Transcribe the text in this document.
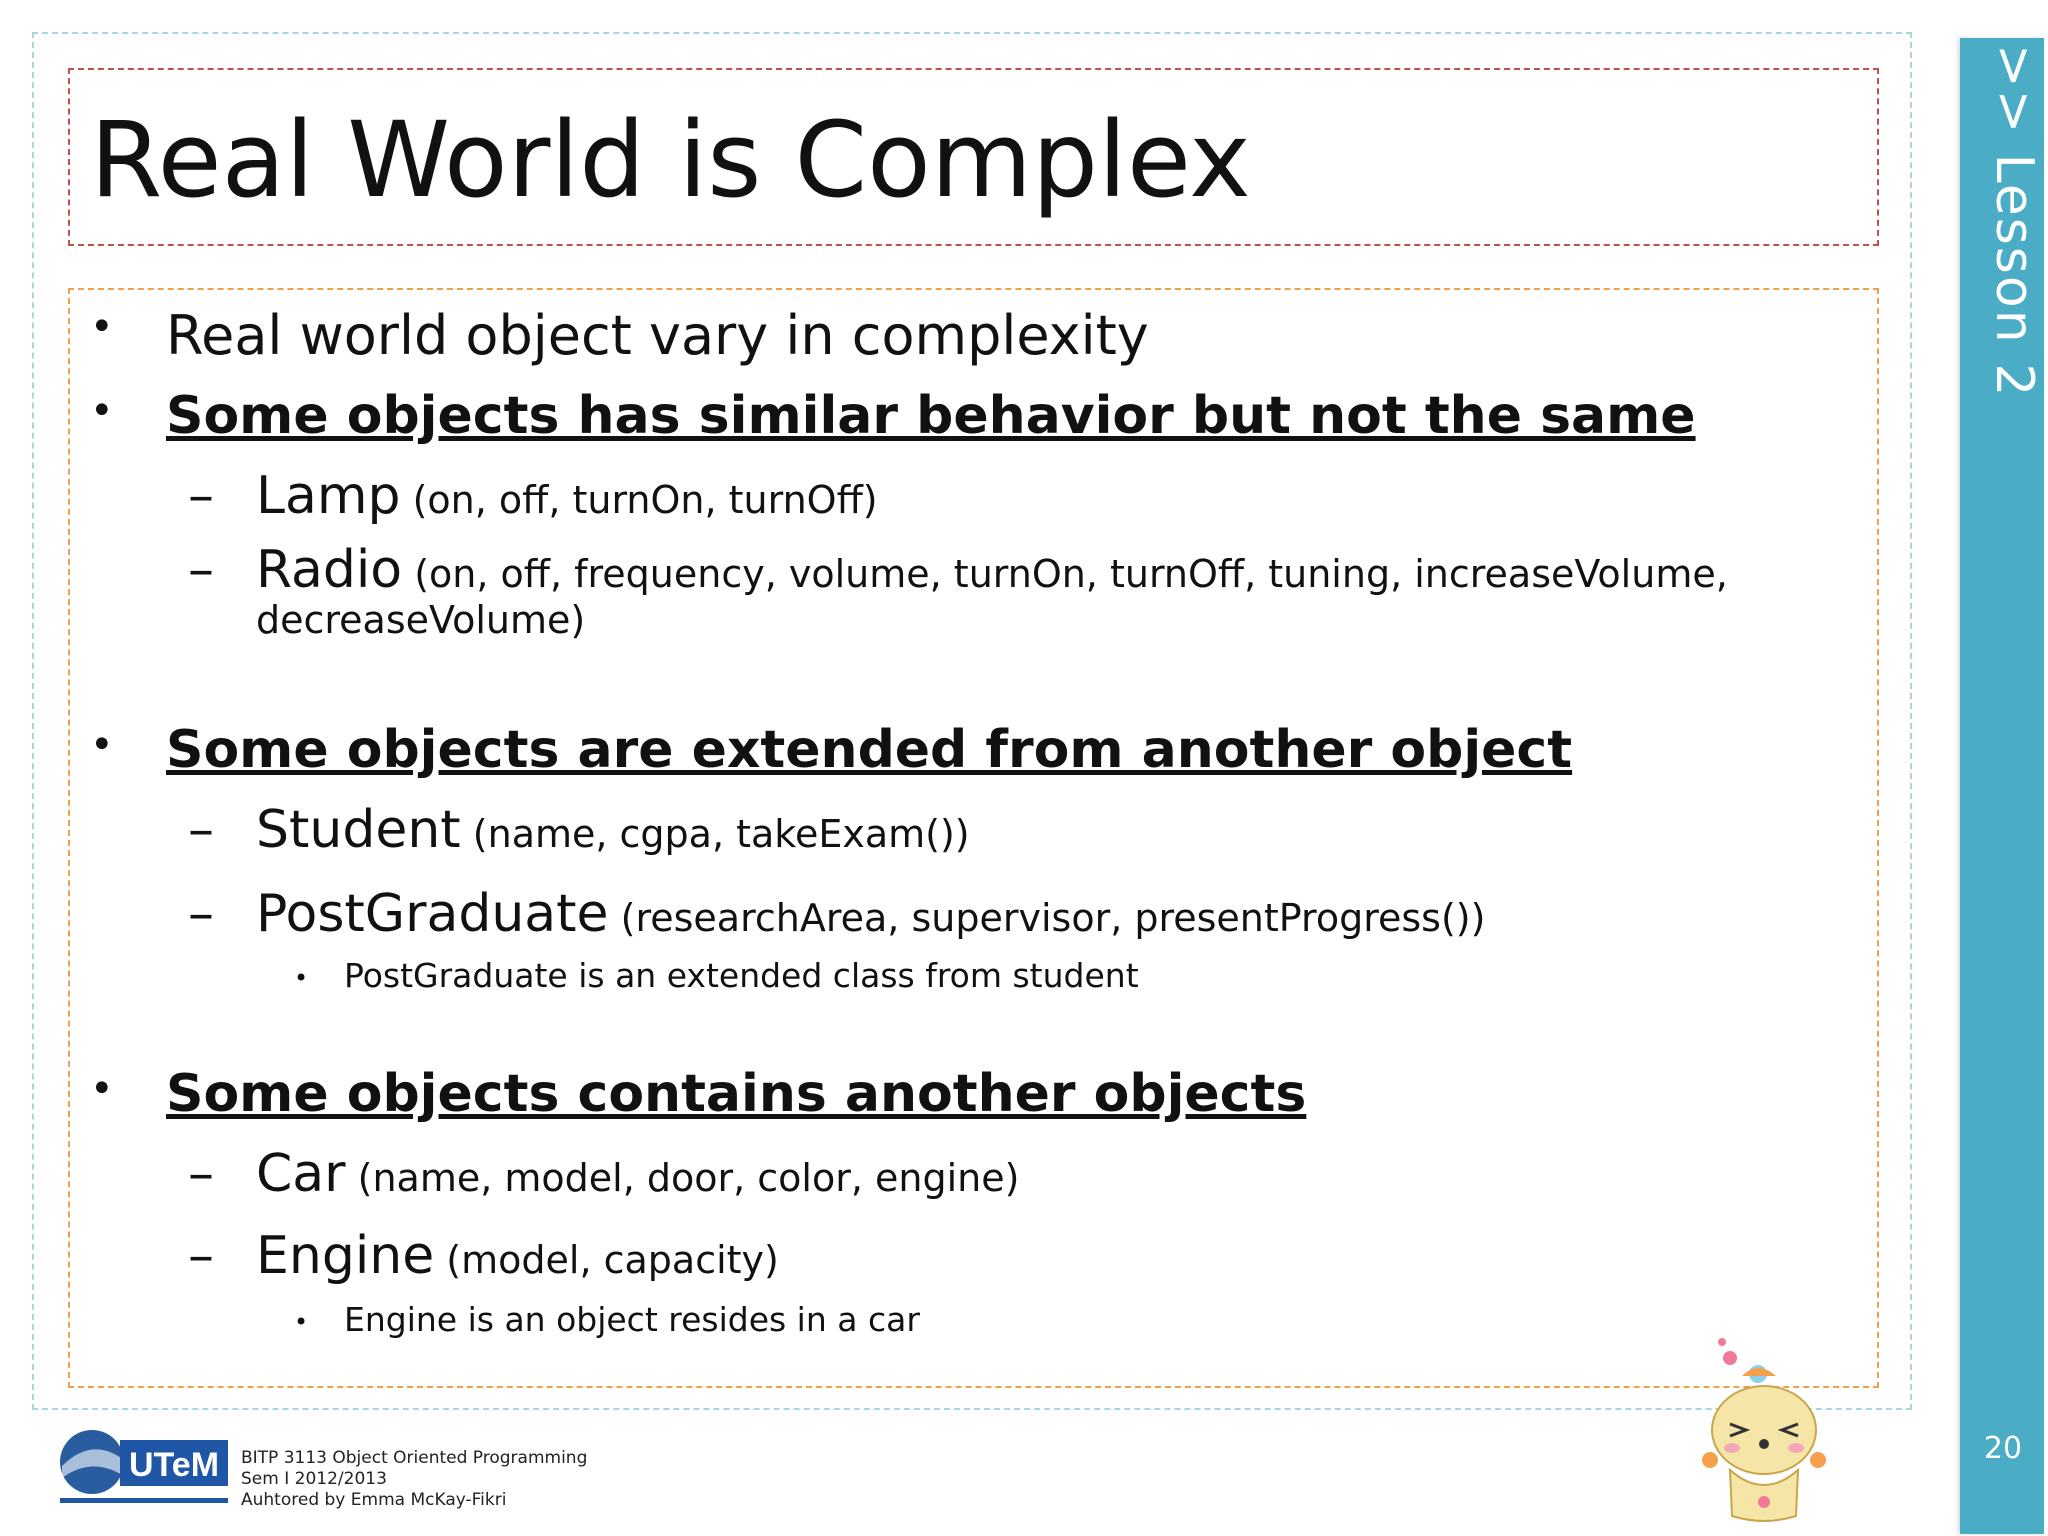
Real World is Complex
• Real world object vary in complexity
• Some objects has similar behavior but not the same
– Lamp (on, off, turnOn, turnOff)
– Radio (on, off, frequency, volume, turnOn, turnOff, tuning, increaseVolume,
decreaseVolume)
• Some objects are extended from another object
– Student (name, cgpa, takeExam())
– PostGraduate (researchArea, supervisor, presentProgress())
• PostGraduate is an extended class from student
• Some objects contains another objects
– Car (name, model, door, color, engine)
– Engine (model, capacity)
• Engine is an object resides in a car
>> Lesson 2
20
UTeM BITP 3113 Object Oriented Programming
Sem I 2012/2013
Auhtored by Emma McKay-Fikri
